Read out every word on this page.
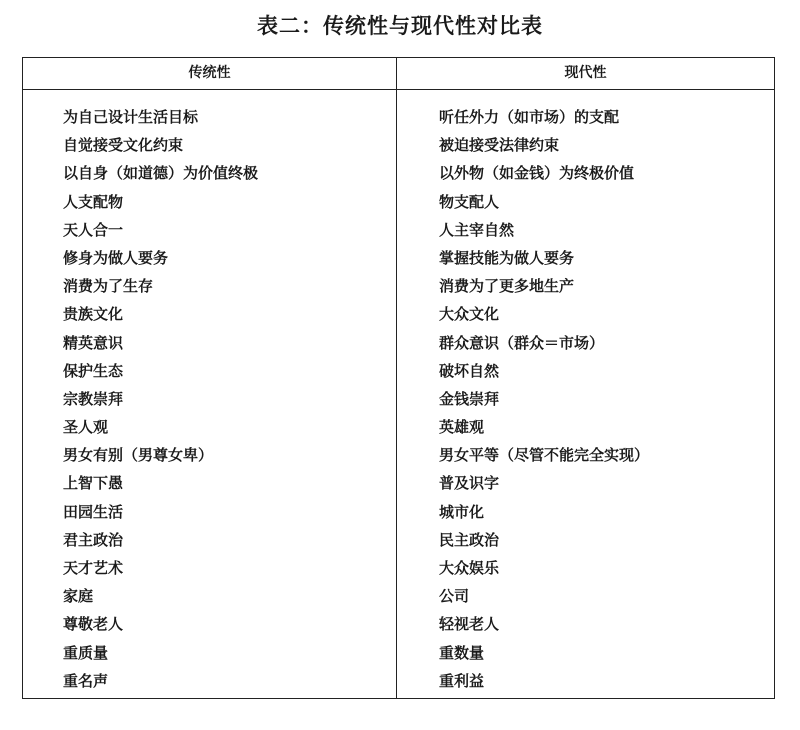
表二：传统性与现代性对比表
传统性	现代性
为自己设计生活目标
自觉接受文化约束
以自身（如道德）为价值终极
人支配物
天人合一
修身为做人要务
消费为了生存
贵族文化
精英意识
保护生态
宗教崇拜
圣人观
男女有别（男尊女卑）
上智下愚
田园生活
君主政治
天才艺术
家庭
尊敬老人
重质量
重名声
听任外力（如市场）的支配
被迫接受法律约束
以外物（如金钱）为终极价值
物支配人
人主宰自然
掌握技能为做人要务
消费为了更多地生产
大众文化
群众意识（群众＝市场）
破坏自然
金钱崇拜
英雄观
男女平等（尽管不能完全实现）
普及识字
城市化
民主政治
大众娱乐
公司
轻视老人
重数量
重利益
